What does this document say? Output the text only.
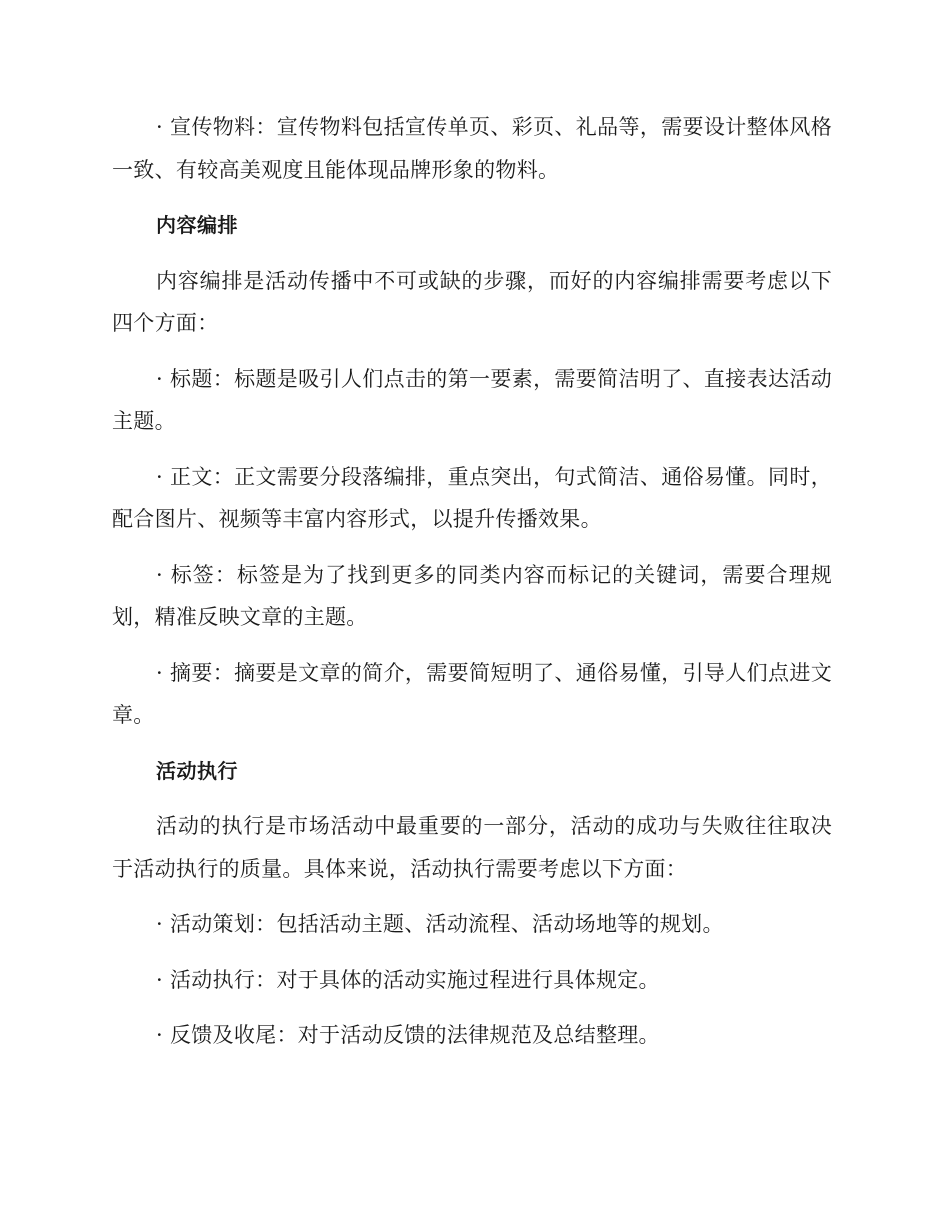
· 宣传物料：宣传物料包括宣传单页、彩页、礼品等，需要设计整体风格一致、有较高美观度且能体现品牌形象的物料。

内容编排

内容编排是活动传播中不可或缺的步骤，而好的内容编排需要考虑以下四个方面：

· 标题：标题是吸引人们点击的第一要素，需要简洁明了、直接表达活动主题。

· 正文：正文需要分段落编排，重点突出，句式简洁、通俗易懂。同时，配合图片、视频等丰富内容形式，以提升传播效果。

· 标签：标签是为了找到更多的同类内容而标记的关键词，需要合理规划，精准反映文章的主题。

· 摘要：摘要是文章的简介，需要简短明了、通俗易懂，引导人们点进文章。

活动执行

活动的执行是市场活动中最重要的一部分，活动的成功与失败往往取决于活动执行的质量。具体来说，活动执行需要考虑以下方面：

· 活动策划：包括活动主题、活动流程、活动场地等的规划。

· 活动执行：对于具体的活动实施过程进行具体规定。

· 反馈及收尾：对于活动反馈的法律规范及总结整理。
